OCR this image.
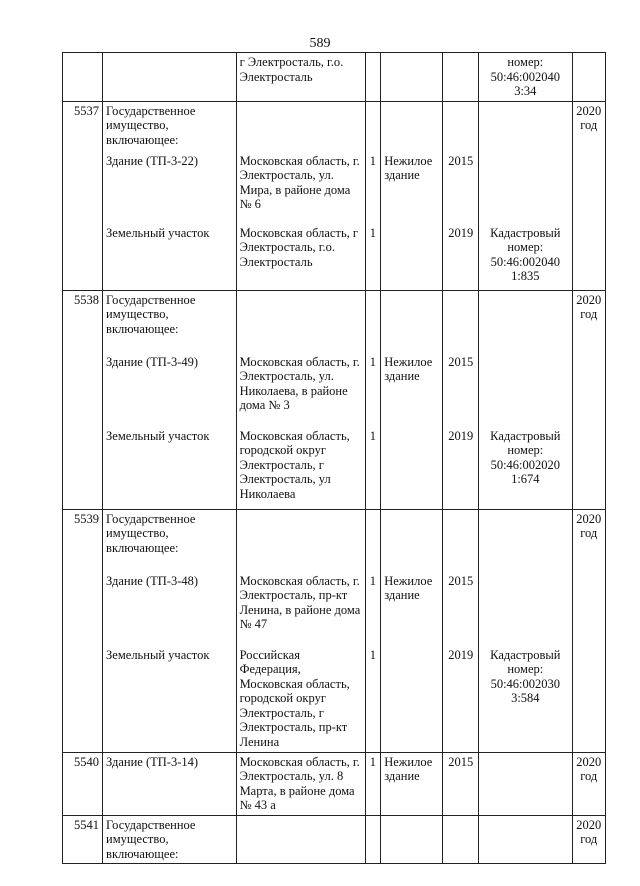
589
		г Электросталь, г.о. Электросталь				номер: 50:46:002040 3:34	
5537	Государственное имущество, включающее:						2020 год
	Здание (ТП-3-22)	Московская область, г. Электросталь, ул. Мира, в районе дома № 6	1	Нежилое здание	2015		
	Земельный участок	Московская область, г Электросталь, г.о. Электросталь	1		2019	Кадастровый номер: 50:46:002040 1:835	
5538	Государственное имущество, включающее:						2020 год
	Здание (ТП-3-49)	Московская область, г. Электросталь, ул. Николаева, в районе дома № 3	1	Нежилое здание	2015		
	Земельный участок	Московская область, городской округ Электросталь, г Электросталь, ул Николаева	1		2019	Кадастровый номер: 50:46:002020 1:674	
5539	Государственное имущество, включающее:						2020 год
	Здание (ТП-3-48)	Московская область, г. Электросталь, пр-кт Ленина, в районе дома № 47	1	Нежилое здание	2015		
	Земельный участок	Российская Федерация, Московская область, городской округ Электросталь, г Электросталь, пр-кт Ленина	1		2019	Кадастровый номер: 50:46:002030 3:584	
5540	Здание (ТП-3-14)	Московская область, г. Электросталь, ул. 8 Марта, в районе дома № 43 а	1	Нежилое здание	2015		2020 год
5541	Государственное имущество, включающее:						2020 год
